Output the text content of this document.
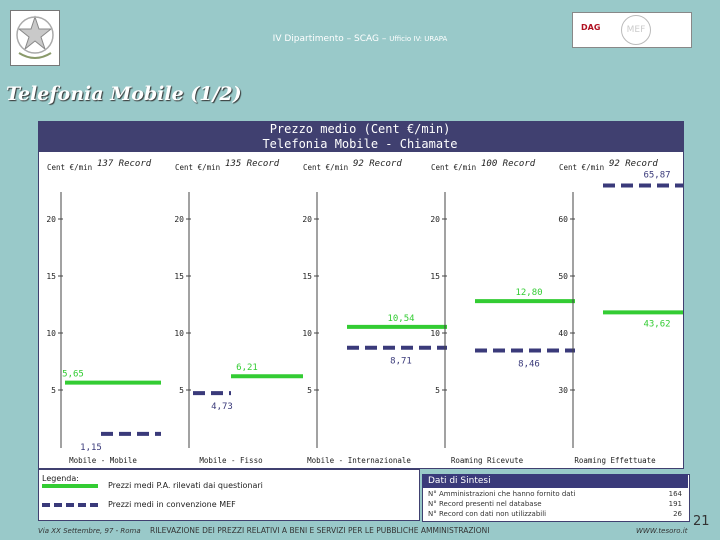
DAG	MEF
IV Dipartimento – SCAG – Ufficio IV: URAPA
Telefonia Mobile (1/2)
Cent €/min 137 Record
5
10
15
20
Mobile - Mobile
5,65
1,15
Cent €/min 135 Record
5
10
15
20
Mobile - Fisso
6,21
4,73
Cent €/min 92 Record
5
10
15
20
Mobile - Internazionale
10,54
8,71
Cent €/min 100 Record
5
10
15
20
Roaming Ricevute
12,80
8,46
Cent €/min 92 Record
30
40
50
60
Roaming Effettuate
43,62
65,87
Prezzo medio (Cent €/min)
Telefonia Mobile - Chiamate
Legenda:
Prezzi medi P.A. rilevati dai questionari
Prezzi medi in convenzione MEF
Dati di Sintesi
N° Amministrazioni che hanno fornito dati	164
N° Record presenti nel database	191
N° Record con dati non utilizzabili	26
Via XX Settembre, 97 - Roma RILEVAZIONE DEI PREZZI RELATIVI A BENI E SERVIZI PER LE PUBBLICHE AMMINISTRAZIONI	WWW.tesoro.it
21
